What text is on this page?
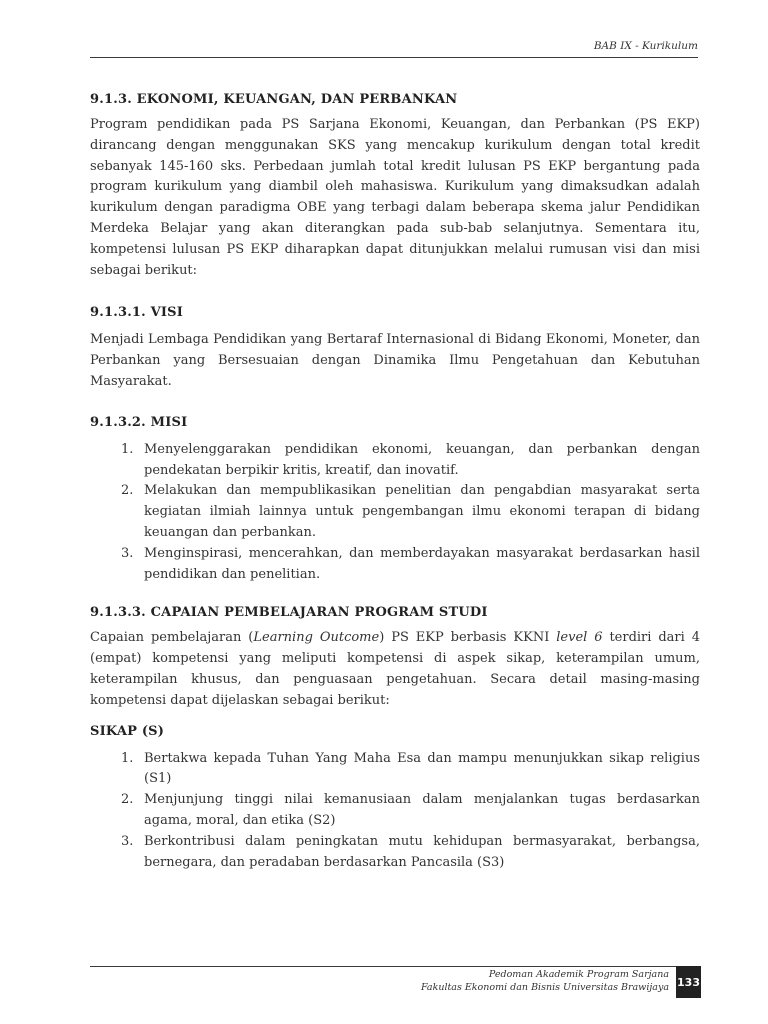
BAB IX - Kurikulum
9.1.3. EKONOMI, KEUANGAN, DAN PERBANKAN

Program pendidikan pada PS Sarjana Ekonomi, Keuangan, dan Perbankan (PS EKP) dirancang dengan menggunakan SKS yang mencakup kurikulum dengan total kredit sebanyak 145-160 sks. Perbedaan jumlah total kredit lulusan PS EKP bergantung pada program kurikulum yang diambil oleh mahasiswa. Kurikulum yang dimaksudkan adalah kurikulum dengan paradigma OBE yang terbagi dalam beberapa skema jalur Pendidikan Merdeka Belajar yang akan diterangkan pada sub-bab selanjutnya. Sementara itu, kompetensi lulusan PS EKP diharapkan dapat ditunjukkan melalui rumusan visi dan misi sebagai berikut:

9.1.3.1. VISI

Menjadi Lembaga Pendidikan yang Bertaraf Internasional di Bidang Ekonomi, Moneter, dan Perbankan yang Bersesuaian dengan Dinamika Ilmu Pengetahuan dan Kebutuhan Masyarakat.

9.1.3.2. MISI
1. Menyelenggarakan pendidikan ekonomi, keuangan, dan perbankan dengan pendekatan berpikir kritis, kreatif, dan inovatif.
2. Melakukan dan mempublikasikan penelitian dan pengabdian masyarakat serta kegiatan ilmiah lainnya untuk pengembangan ilmu ekonomi terapan di bidang keuangan dan perbankan.
3. Menginspirasi, mencerahkan, dan memberdayakan masyarakat berdasarkan hasil pendidikan dan penelitian.
9.1.3.3. CAPAIAN PEMBELAJARAN PROGRAM STUDI

Capaian pembelajaran (Learning Outcome) PS EKP berbasis KKNI level 6 terdiri dari 4 (empat) kompetensi yang meliputi kompetensi di aspek sikap, keterampilan umum, keterampilan khusus, dan penguasaan pengetahuan. Secara detail masing-masing kompetensi dapat dijelaskan sebagai berikut:

SIKAP (S)
1. Bertakwa kepada Tuhan Yang Maha Esa dan mampu menunjukkan sikap religius (S1)
2. Menjunjung tinggi nilai kemanusiaan dalam menjalankan tugas berdasarkan agama, moral, dan etika (S2)
3. Berkontribusi dalam peningkatan mutu kehidupan bermasyarakat, berbangsa, bernegara, dan peradaban berdasarkan Pancasila (S3)
Pedoman Akademik Program Sarjana
Fakultas Ekonomi dan Bisnis Universitas Brawijaya 133
